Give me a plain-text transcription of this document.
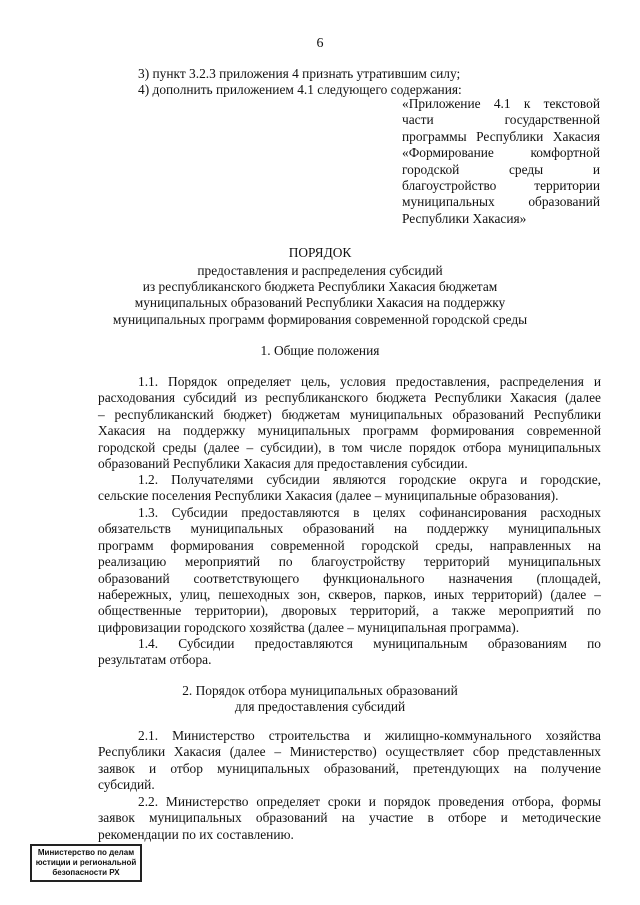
6
3) пункт 3.2.3 приложения 4 признать утратившим силу;
4) дополнить приложением 4.1 следующего содержания:
«Приложение 4.1 к текстовой
части государственной
программы Республики Хакасия
«Формирование комфортной
городской среды и
благоустройство территории
муниципальных образований
Республики Хакасия»
ПОРЯДОК
предоставления и распределения субсидий
из республиканского бюджета Республики Хакасия бюджетам
муниципальных образований Республики Хакасия на поддержку
муниципальных программ формирования современной городской среды
1. Общие положения
1.1. Порядок определяет цель, условия предоставления, распределения и
расходования субсидий из республиканского бюджета Республики Хакасия (далее
– республиканский бюджет) бюджетам муниципальных образований Республики
Хакасия на поддержку муниципальных программ формирования современной
городской среды (далее – субсидии), в том числе порядок отбора муниципальных
образований Республики Хакасия для предоставления субсидии.
1.2. Получателями субсидии являются городские округа и городские,
сельские поселения Республики Хакасия (далее – муниципальные образования).
1.3. Субсидии предоставляются в целях софинансирования расходных
обязательств муниципальных образований на поддержку муниципальных
программ формирования современной городской среды, направленных на
реализацию мероприятий по благоустройству территорий муниципальных
образований соответствующего функционального назначения (площадей,
набережных, улиц, пешеходных зон, скверов, парков, иных территорий) (далее –
общественные территории), дворовых территорий, а также мероприятий по
цифровизации городского хозяйства (далее – муниципальная программа).
1.4. Субсидии предоставляются муниципальным образованиям по
результатам отбора.
2. Порядок отбора муниципальных образований
для предоставления субсидий
2.1. Министерство строительства и жилищно-коммунального хозяйства
Республики Хакасия (далее – Министерство) осуществляет сбор представленных
заявок и отбор муниципальных образований, претендующих на получение
субсидий.
2.2. Министерство определяет сроки и порядок проведения отбора, формы
заявок муниципальных образований на участие в отборе и методические
рекомендации по их составлению.
Министерство по делам
юстиции и региональной
безопасности РХ
